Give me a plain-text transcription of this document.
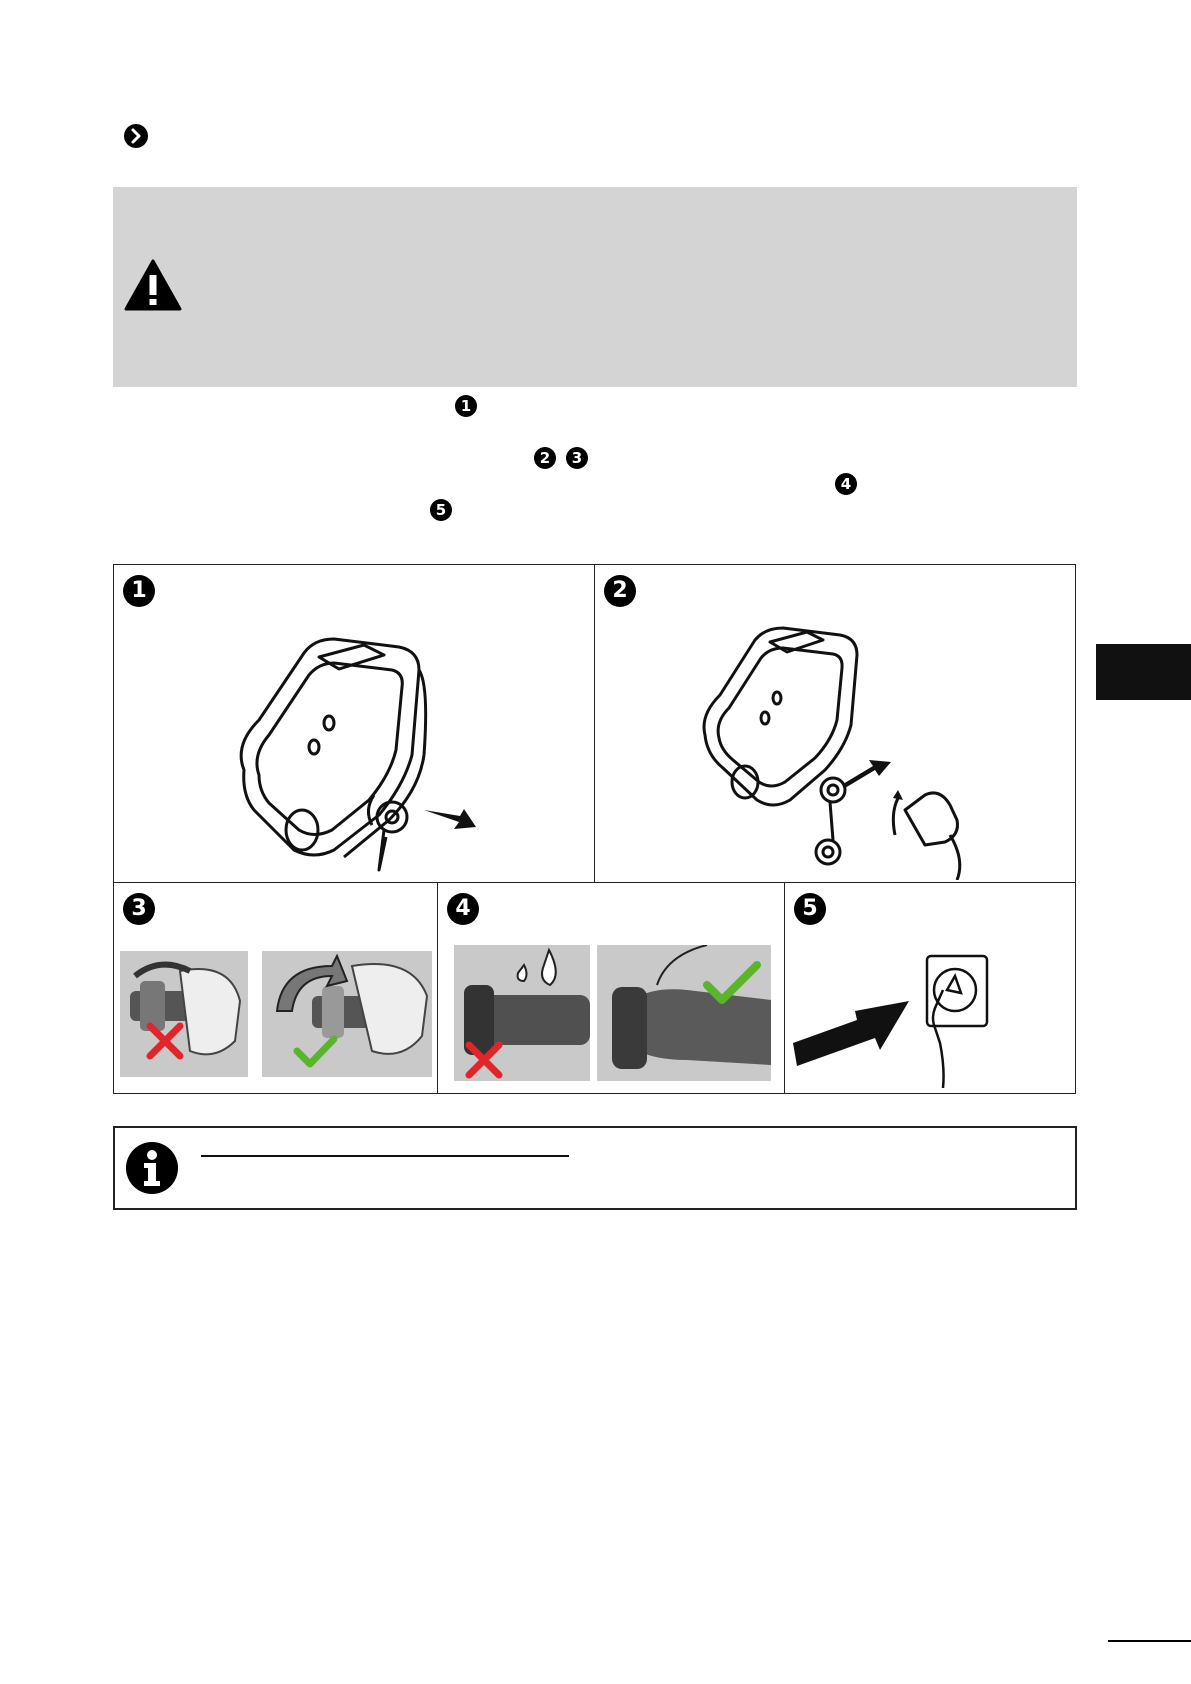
1
2	3
4
5
1	2
3	4	5
